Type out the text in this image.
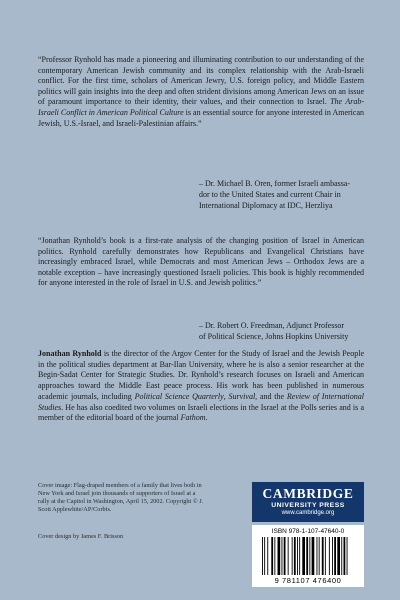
“Professor Rynhold has made a pioneering and illuminating contribution to our understanding of the contemporary American Jewish community and its complex relationship with the Arab-Israeli conflict. For the first time, scholars of American Jewry, U.S. foreign policy, and Middle Eastern politics will gain insights into the deep and often strident divisions among American Jews on an issue of paramount importance to their identity, their values, and their connection to Israel. The Arab-Israeli Conflict in American Political Culture is an essential source for anyone interested in American Jewish, U.S.-Israel, and Israeli-Palestinian affairs.”

– Dr. Michael B. Oren, former Israeli ambassa-
dor to the United States and current Chair in
International Diplomacy at IDC, Herzliya

“Jonathan Rynhold’s book is a first-rate analysis of the changing position of Israel in American politics. Rynhold carefully demonstrates how Republicans and Evangelical Christians have increasingly embraced Israel, while Democrats and most American Jews – Orthodox Jews are a notable exception – have increasingly questioned Israeli policies. This book is highly recommended for anyone interested in the role of Israel in U.S. and Jewish politics.”

– Dr. Robert O. Freedman, Adjunct Professor
of Political Science, Johns Hopkins University
Jonathan Rynhold is the director of the Argov Center for the Study of Israel and the Jewish People in the political studies department at Bar-Ilan University, where he is also a senior researcher at the Begin-Sadat Center for Strategic Studies. Dr. Rynhold’s research focuses on Israeli and American approaches toward the Middle East peace process. His work has been published in numerous academic journals, including Political Science Quarterly, Survival, and the Review of International Studies. He has also coedited two volumes on Israeli elections in the Israel at the Polls series and is a member of the editorial board of the journal Fathom.
Cover image: Flag-draped members of a family that lives both in New York and Israel join thousands of supporters of Israel at a rally at the Capitol in Washington, April 15, 2002. Copyright © J. Scott Applewhite/AP/Corbis.
Cover design by James F. Brisson
CAMBRIDGE
UNIVERSITY PRESS
www.cambridge.org
ISBN 978-1-107-47640-0
9 781107 476400
